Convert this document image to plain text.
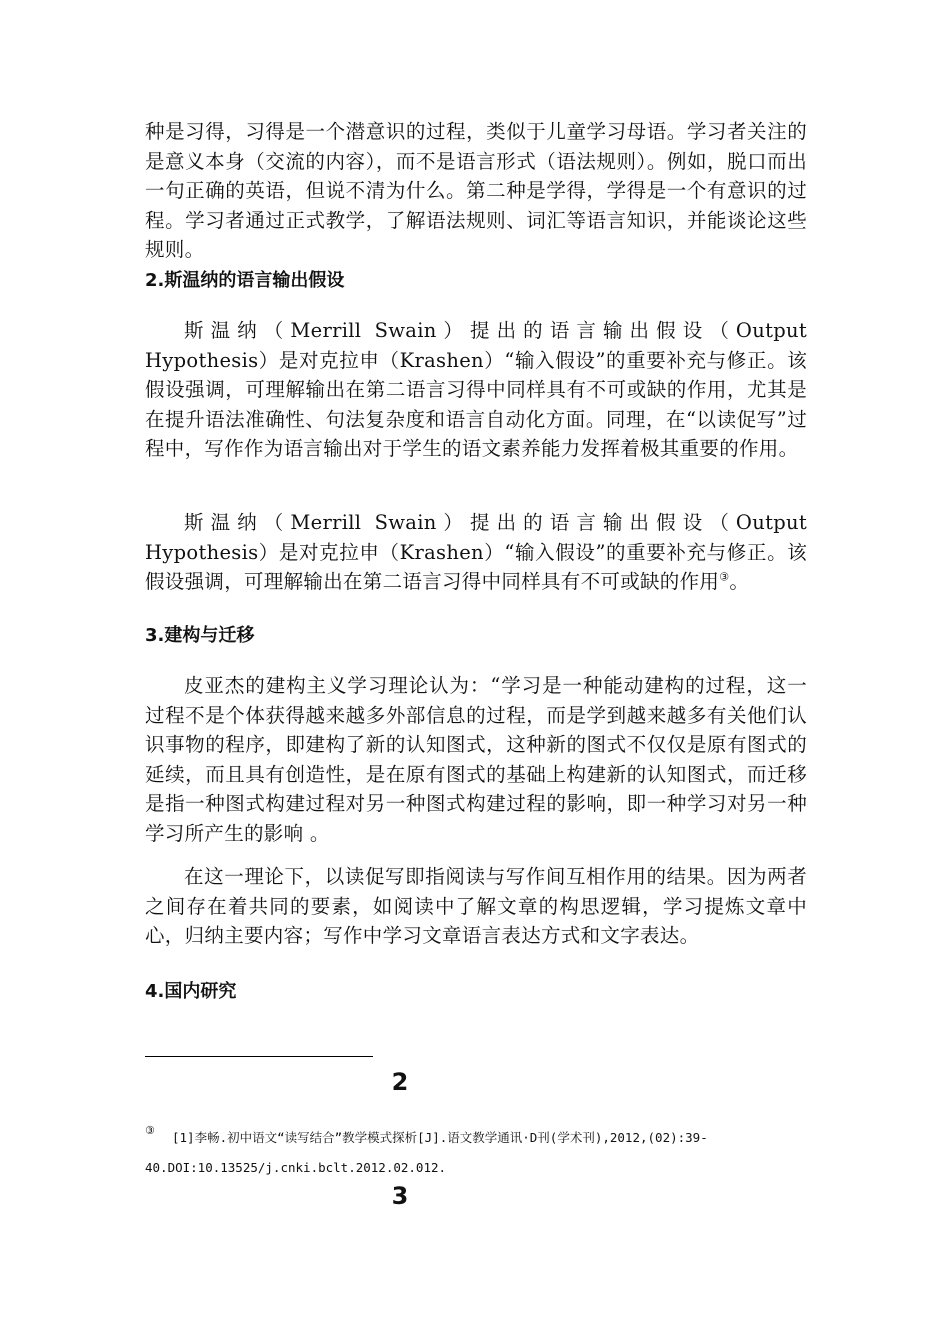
种是习得，习得是一个潜意识的过程，类似于儿童学习母语。学习者关注的是意义本身（交流的内容），而不是语言形式（语法规则）。例如，脱口而出一句正确的英语，但说不清为什么。第二种是学得，学得是一个有意识的过程。学习者通过正式教学，了解语法规则、词汇等语言知识，并能谈论这些规则。

2.斯温纳的语言输出假设

斯温纳（Merrill Swain）提出的语言输出假设（Output Hypothesis）是对克拉申（Krashen）“输入假设”的重要补充与修正。该假设强调，可理解输出在第二语言习得中同样具有不可或缺的作用，尤其是在提升语法准确性、句法复杂度和语言自动化方面。同理，在“以读促写”过程中，写作作为语言输出对于学生的语文素养能力发挥着极其重要的作用。

斯温纳（Merrill Swain）提出的语言输出假设（Output Hypothesis）是对克拉申（Krashen）“输入假设”的重要补充与修正。该假设强调，可理解输出在第二语言习得中同样具有不可或缺的作用③。

3.建构与迁移

皮亚杰的建构主义学习理论认为：“学习是一种能动建构的过程，这一过程不是个体获得越来越多外部信息的过程，而是学到越来越多有关他们认识事物的程序，即建构了新的认知图式，这种新的图式不仅仅是原有图式的延续，而且具有创造性，是在原有图式的基础上构建新的认知图式，而迁移是指一种图式构建过程对另一种图式构建过程的影响，即一种学习对另一种学习所产生的影响 。

在这一理论下，以读促写即指阅读与写作间互相作用的结果。因为两者之间存在着共同的要素，如阅读中了解文章的构思逻辑，学习提炼文章中心，归纳主要内容；写作中学习文章语言表达方式和文字表达。

4.国内研究
2
③ [1]李畅.初中语文“读写结合”教学模式探析[J].语文教学通讯·D刊(学术刊),2012,(02):39-

40.DOI:10.13525/j.cnki.bclt.2012.02.012.

3
